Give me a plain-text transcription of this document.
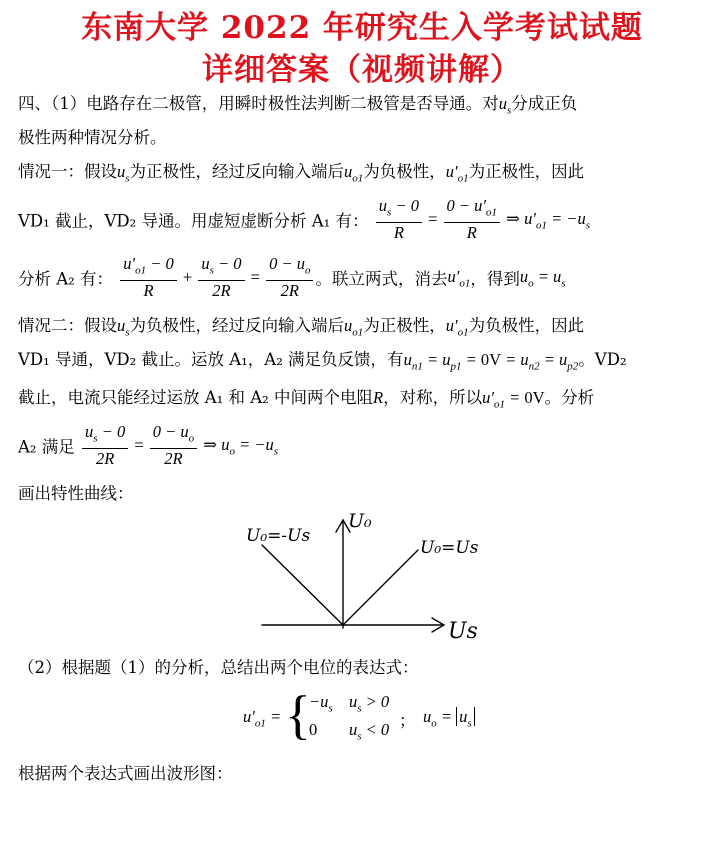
东南大学 2022 年研究生入学考试试题
详细答案（视频讲解）
四、（1）电路存在二极管，用瞬时极性法判断二极管是否导通。对$u_s$分成正负
极性两种情况分析。
情况一：假设$u_s$为正极性，经过反向输入端后$u_{o1}$为负极性，$u'_{o1}$为正极性，因此
VD₁ 截止，VD₂ 导通。用虚短虚断分析 A₁ 有： $\frac{u_s - 0}{R} = \frac{0 - u'_{o1}}{R}$ ⇒ $u'_{o1} = -u_s$
分析 A₂ 有： $\frac{u'_{o1} - 0}{R} + \frac{u_s - 0}{2R} = \frac{0 - u_o}{2R}$ 。联立两式，消去$u'_{o1}$，得到$u_o = u_s$
情况二：假设$u_s$为负极性，经过反向输入端后$u_{o1}$为正极性，$u'_{o1}$为负极性，因此
VD₁ 导通，VD₂ 截止。运放 A₁，A₂ 满足负反馈，有$u_{n1} = u_{p1} = 0V = u_{n2} = u_{p2}$。VD₂
截止，电流只能经过运放 A₁ 和 A₂ 中间两个电阻R，对称，所以$u'_{o1} = 0V$。分析
A₂ 满足 $\frac{u_s - 0}{2R} = \frac{0 - u_o}{2R}$ ⇒ $u_o = -u_s$
画出特性曲线：
U₀=-Us
U₀=Us
U₀
Us
（2）根据题（1）的分析，总结出两个电位的表达式：
$u'_{o1}$ = {
$-u_s$ $u_s > 0$
0 $u_s < 0$ ； $u_o = u_s$
根据两个表达式画出波形图：
